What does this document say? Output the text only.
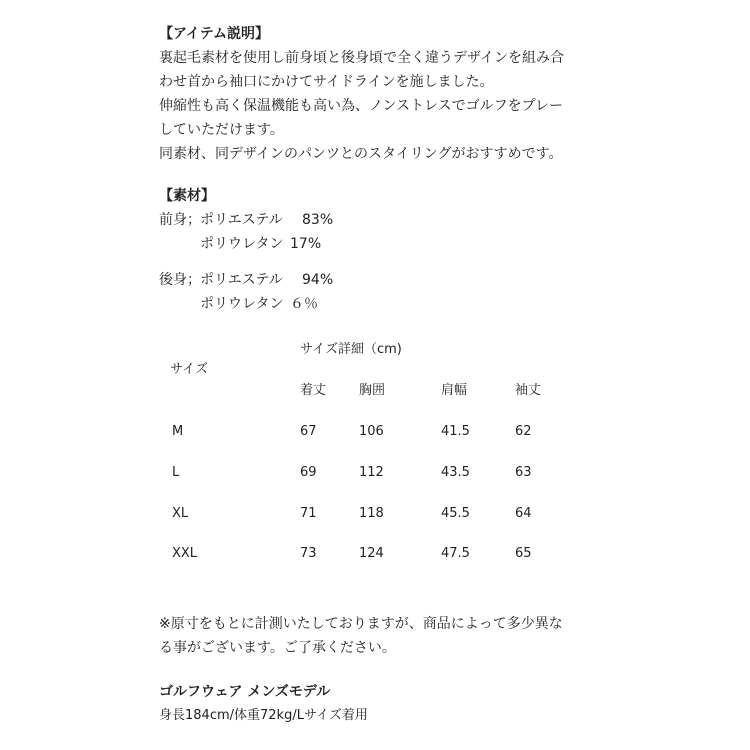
【アイテム説明】
裏起毛素材を使用し前身頃と後身頃で全く違うデザインを組み合
わせ首から袖口にかけてサイドラインを施しました。
伸縮性も高く保温機能も高い為、ノンストレスでゴルフをプレー
していただけます。
同素材、同デザインのパンツとのスタイリングがおすすめです。
【素材】
前身； ポリエステル 83%
ポリウレタン 17%
後身； ポリエステル 94%
ポリウレタン ６％
サイズ詳細（cm)
サイズ
着丈	胸囲	肩幅	袖丈
M	67	106	41.5	62
L	69	112	43.5	63
XL	71	118	45.5	64
XXL	73	124	47.5	65
※原寸をもとに計測いたしておりますが、商品によって多少異な
る事がございます。ご了承ください。
ゴルフウェア メンズモデル
身長184cm/体重72kg/Lサイズ着用
